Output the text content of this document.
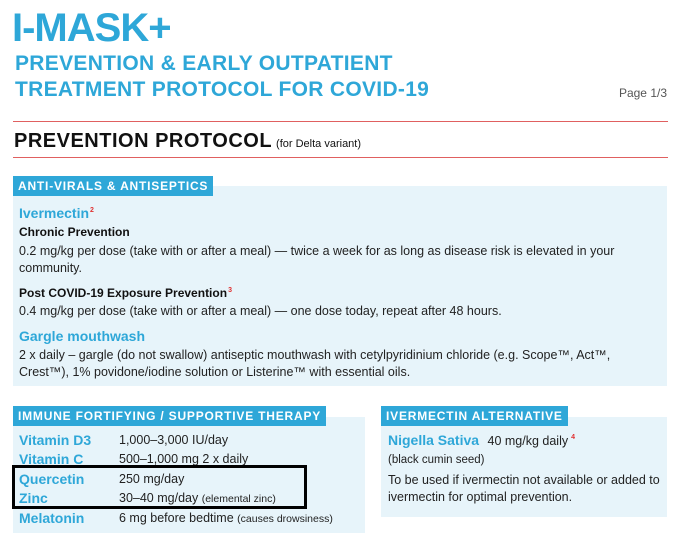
I-MASK+
PREVENTION & EARLY OUTPATIENT
TREATMENT PROTOCOL FOR COVID-19	Page 1/3
PREVENTION PROTOCOL (for Delta variant)
ANTI-VIRALS & ANTISEPTICS
Ivermectin$^2$
Chronic Prevention
0.2 mg/kg per dose (take with or after a meal) — twice a week for as long as disease risk is elevated in your community.
Post COVID-19 Exposure Prevention$^3$
0.4 mg/kg per dose (take with or after a meal) — one dose today, repeat after 48 hours.
Gargle mouthwash
2 x daily – gargle (do not swallow) antiseptic mouthwash with cetylpyridinium chloride (e.g. Scope™, Act™, Crest™), 1% povidone/iodine solution or Listerine™ with essential oils.
IMMUNE FORTIFYING / SUPPORTIVE THERAPY
Vitamin D3 1,000–3,000 IU/day
Vitamin C	500–1,000 mg 2 x daily
Quercetin	250 mg/day
Zinc	30–40 mg/day (elemental zinc)
Melatonin	6 mg before bedtime (causes drowsiness)
IVERMECTIN ALTERNATIVE
Nigella Sativa 40 mg/kg daily $^4$
(black cumin seed)
To be used if ivermectin not available or added to ivermectin for optimal prevention.
